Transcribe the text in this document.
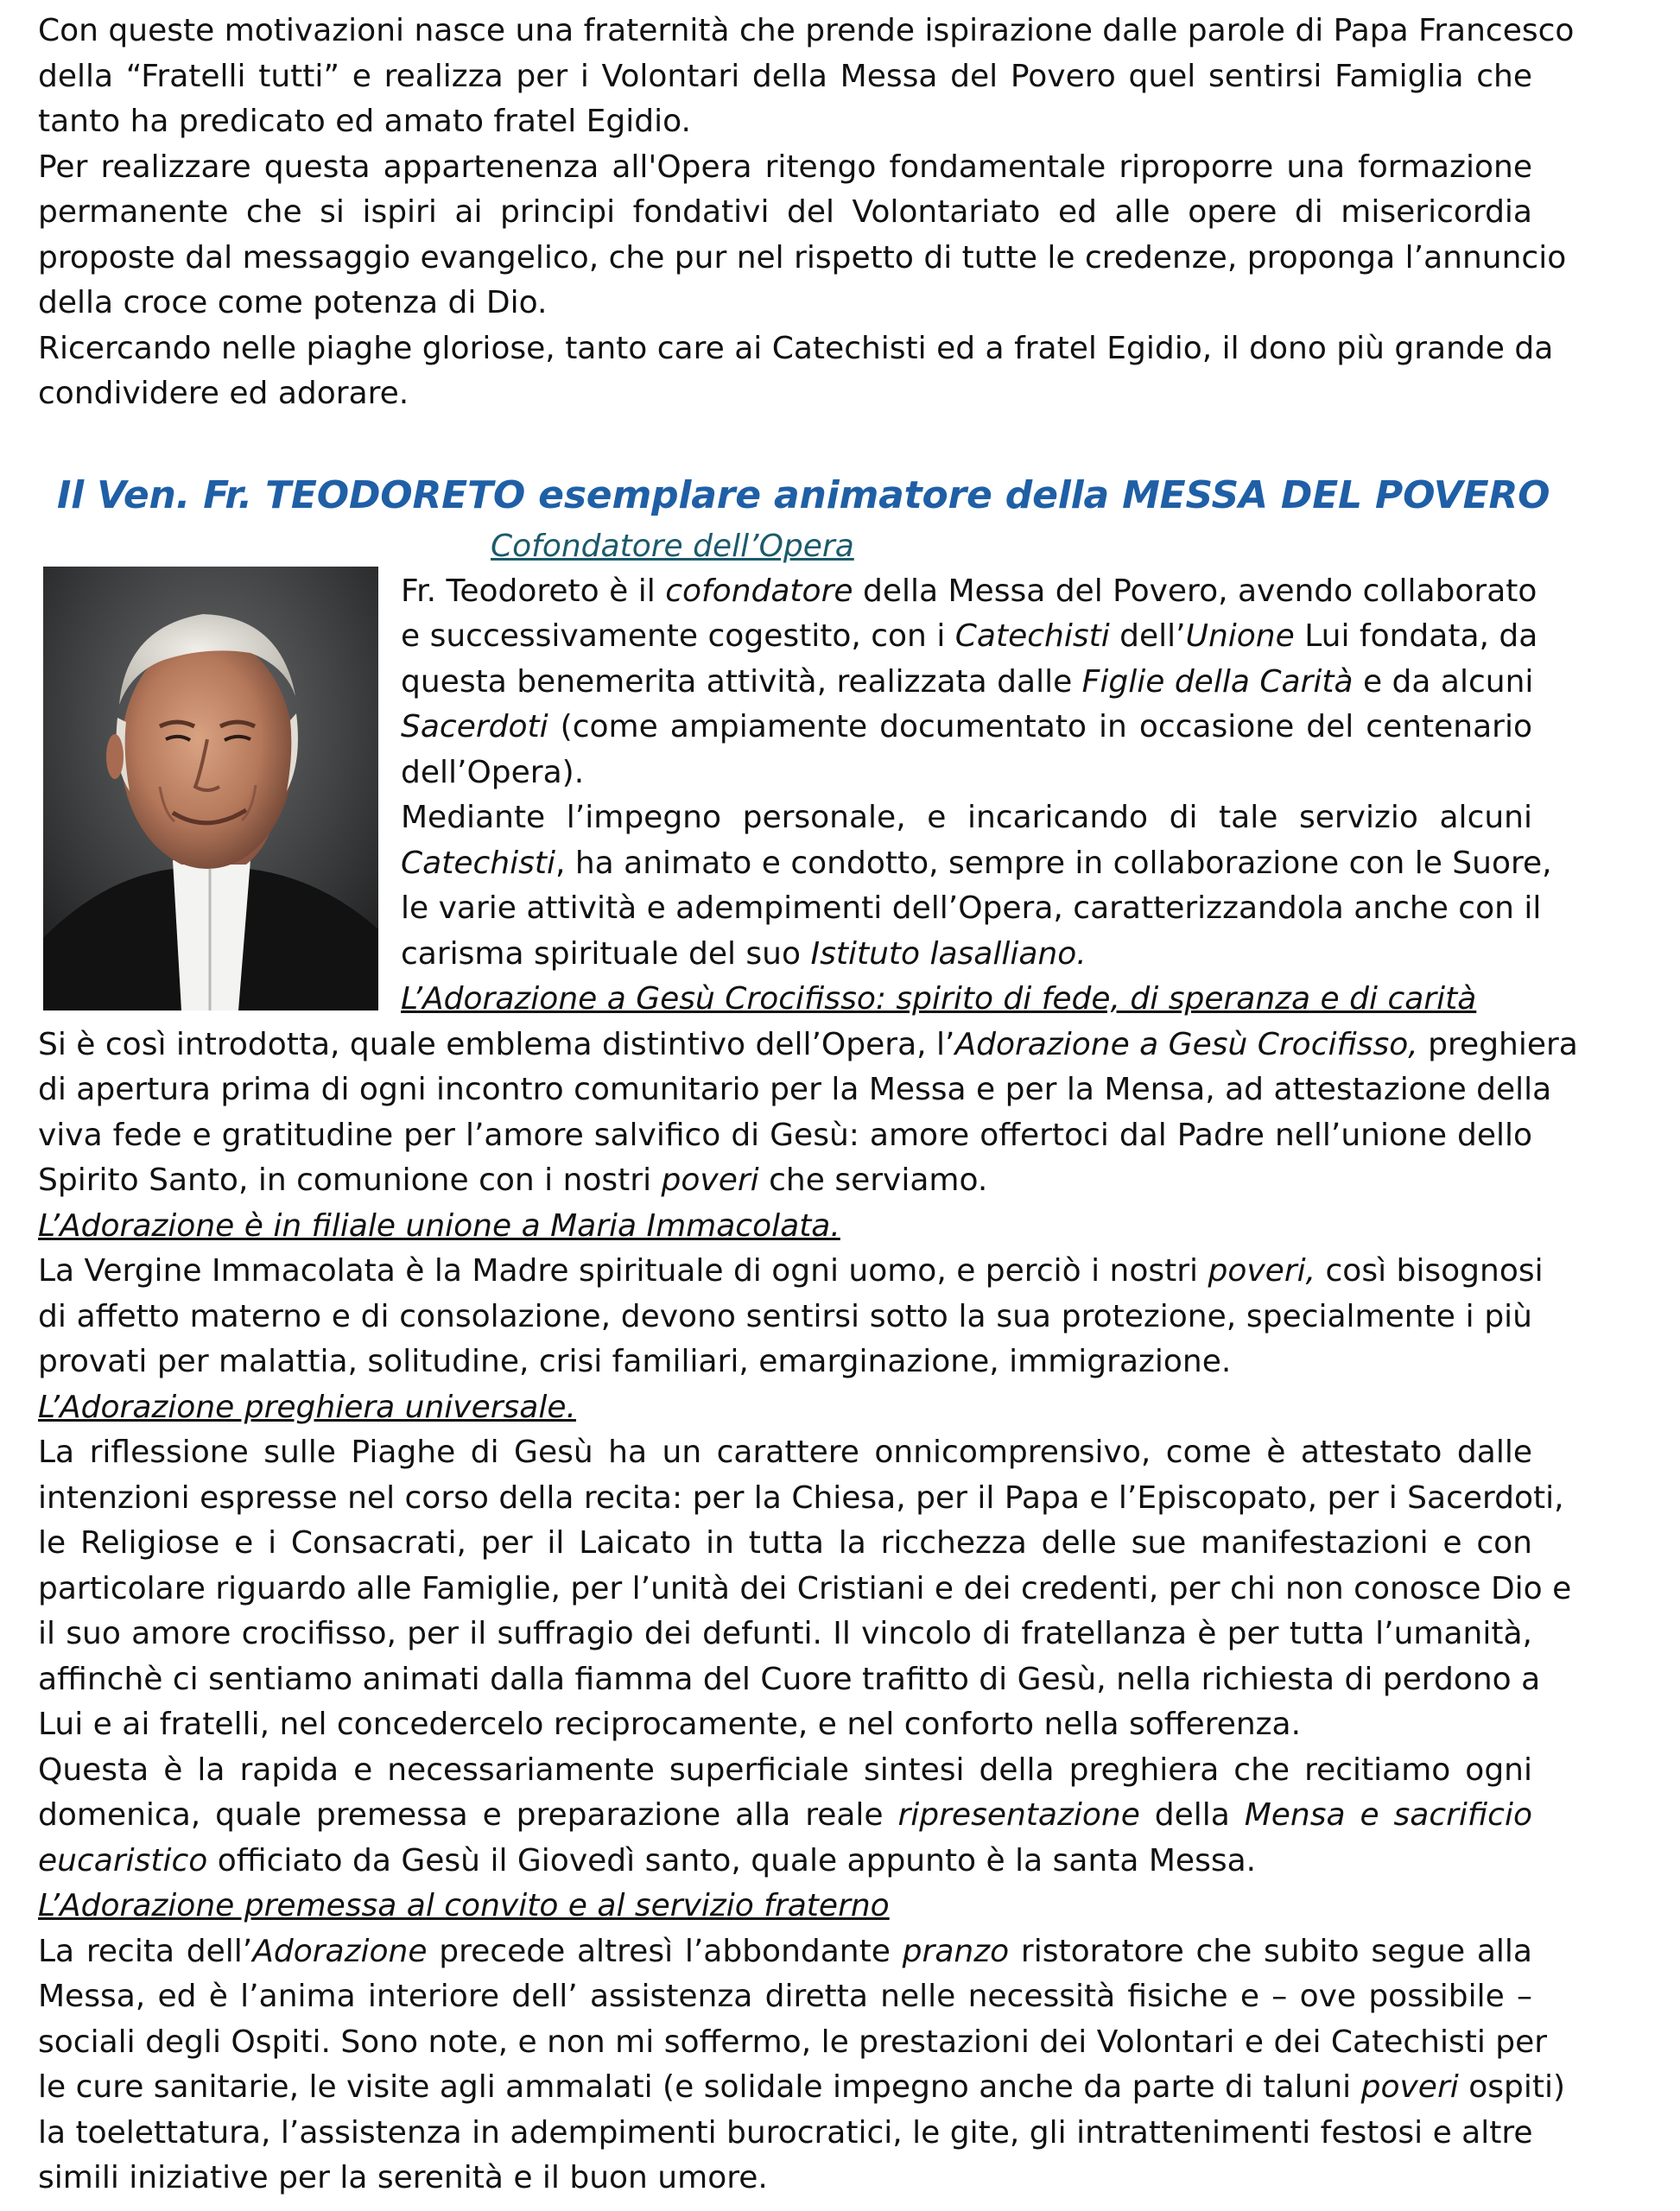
Con queste motivazioni nasce una fraternità che prende ispirazione dalle parole di Papa Francesco

della “Fratelli tutti” e realizza per i Volontari della Messa del Povero quel sentirsi Famiglia che

tanto ha predicato ed amato fratel Egidio.

Per realizzare questa appartenenza all'Opera ritengo fondamentale riproporre una formazione

permanente che si ispiri ai principi fondativi del Volontariato ed alle opere di misericordia

proposte dal messaggio evangelico, che pur nel rispetto di tutte le credenze, proponga l’annuncio

della croce come potenza di Dio.

Ricercando nelle piaghe gloriose, tanto care ai Catechisti ed a fratel Egidio, il dono più grande da

condividere ed adorare.

Il Ven. Fr. TEODORETO esemplare animatore della MESSA DEL POVERO
Cofondatore dell’Opera

Fr. Teodoreto è il cofondatore della Messa del Povero, avendo collaborato

e successivamente cogestito, con i Catechisti dell’Unione Lui fondata, da

questa benemerita attività, realizzata dalle Figlie della Carità e da alcuni

Sacerdoti (come ampiamente documentato in occasione del centenario

dell’Opera).

Mediante l’impegno personale, e incaricando di tale servizio alcuni

Catechisti, ha animato e condotto, sempre in collaborazione con le Suore,

le varie attività e adempimenti dell’Opera, caratterizzandola anche con il

carisma spirituale del suo Istituto lasalliano.

L’Adorazione a Gesù Crocifisso: spirito di fede, di speranza e di carità

Si è così introdotta, quale emblema distintivo dell’Opera, l’Adorazione a Gesù Crocifisso, preghiera

di apertura prima di ogni incontro comunitario per la Messa e per la Mensa, ad attestazione della

viva fede e gratitudine per l’amore salvifico di Gesù: amore offertoci dal Padre nell’unione dello

Spirito Santo, in comunione con i nostri poveri che serviamo.

L’Adorazione è in filiale unione a Maria Immacolata.

La Vergine Immacolata è la Madre spirituale di ogni uomo, e perciò i nostri poveri, così bisognosi

di affetto materno e di consolazione, devono sentirsi sotto la sua protezione, specialmente i più

provati per malattia, solitudine, crisi familiari, emarginazione, immigrazione.

L’Adorazione preghiera universale.

La riflessione sulle Piaghe di Gesù ha un carattere onnicomprensivo, come è attestato dalle

intenzioni espresse nel corso della recita: per la Chiesa, per il Papa e l’Episcopato, per i Sacerdoti,

le Religiose e i Consacrati, per il Laicato in tutta la ricchezza delle sue manifestazioni e con

particolare riguardo alle Famiglie, per l’unità dei Cristiani e dei credenti, per chi non conosce Dio e

il suo amore crocifisso, per il suffragio dei defunti. Il vincolo di fratellanza è per tutta l’umanità,

affinchè ci sentiamo animati dalla fiamma del Cuore trafitto di Gesù, nella richiesta di perdono a

Lui e ai fratelli, nel concedercelo reciprocamente, e nel conforto nella sofferenza.

Questa è la rapida e necessariamente superficiale sintesi della preghiera che recitiamo ogni

domenica, quale premessa e preparazione alla reale ripresentazione della Mensa e sacrificio

eucaristico officiato da Gesù il Giovedì santo, quale appunto è la santa Messa.

L’Adorazione premessa al convito e al servizio fraterno

La recita dell’Adorazione precede altresì l’abbondante pranzo ristoratore che subito segue alla

Messa, ed è l’anima interiore dell’ assistenza diretta nelle necessità fisiche e – ove possibile –

sociali degli Ospiti. Sono note, e non mi soffermo, le prestazioni dei Volontari e dei Catechisti per

le cure sanitarie, le visite agli ammalati (e solidale impegno anche da parte di taluni poveri ospiti)

la toelettatura, l’assistenza in adempimenti burocratici, le gite, gli intrattenimenti festosi e altre

simili iniziative per la serenità e il buon umore.
